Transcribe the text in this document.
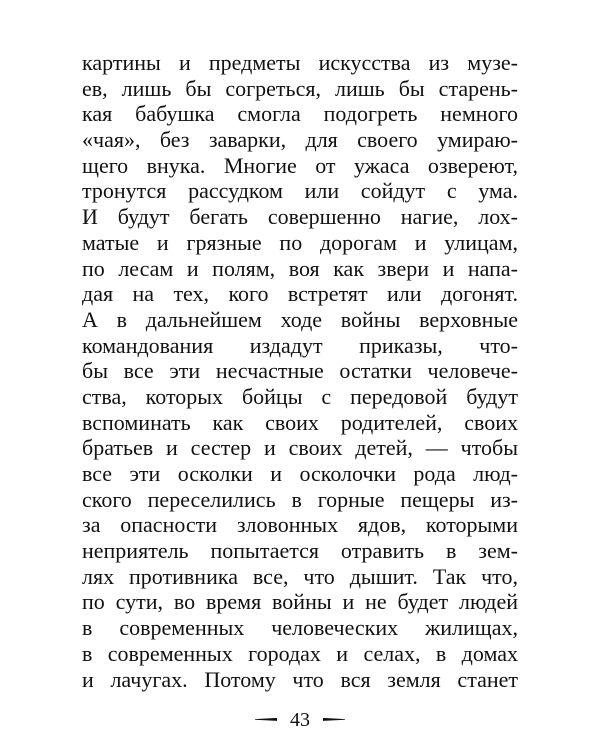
картины и предметы искусства из музе-
ев, лишь бы согреться, лишь бы старень-
кая бабушка смогла подогреть немного
«чая», без заварки, для своего умираю-
щего внука. Многие от ужаса озвереют,
тронутся рассудком или сойдут с ума.
И будут бегать совершенно нагие, лох-
матые и грязные по дорогам и улицам,
по лесам и полям, воя как звери и напа-
дая на тех, кого встретят или догонят.
А в дальнейшем ходе войны верховные
командования издадут приказы, что-
бы все эти несчастные остатки человече-
ства, которых бойцы с передовой будут
вспоминать как своих родителей, своих
братьев и сестер и своих детей, — чтобы
все эти осколки и осколочки рода люд-
ского переселились в горные пещеры из-
за опасности зловонных ядов, которыми
неприятель попытается отравить в зем-
лях противника все, что дышит. Так что,
по сути, во время войны и не будет людей
в современных человеческих жилищах,
в современных городах и селах, в домах
и лачугах. Потому что вся земля станет
43
